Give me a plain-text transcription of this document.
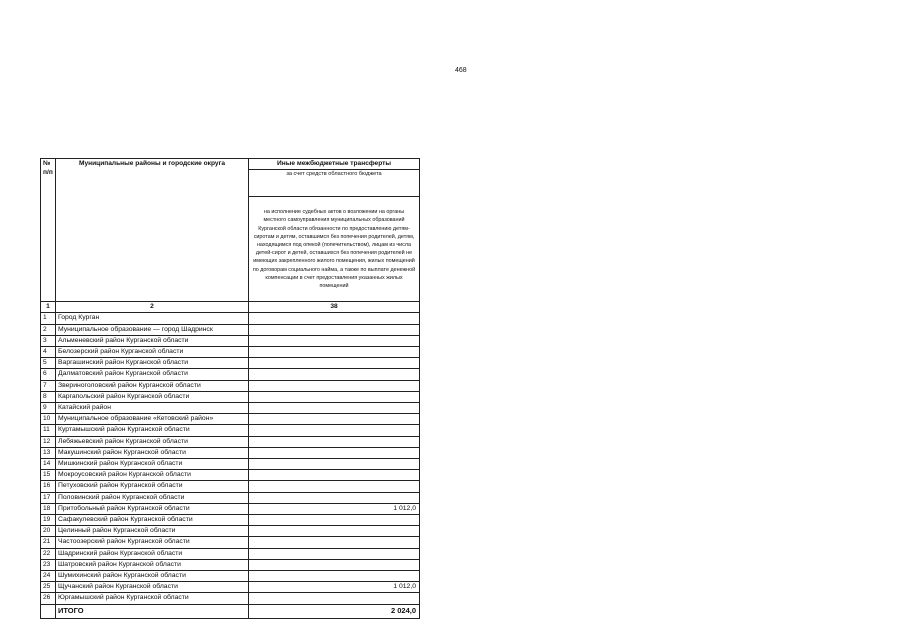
468
№ п/п	Муниципальные районы и городские округа	Иные межбюджетные трансферты
		за счет средств областного бюджета
		на исполнение судебных актов о возложении на органы местного самоуправления муниципальных образований Курганской области обязанности по предоставлению детям-сиротам и детям, оставшимся без попечения родителей, детям, находящимся под опекой (попечительством), лицам из числа детей-сирот и детей, оставшихся без попечения родителей не имеющих закрепленного жилого помещения, жилых помещений по договорам социального найма, а также по выплате денежной компенсации в счет предоставления указанных жилых помещений
1	2	38
1	Город Курган	
2	Муниципальное образование — город Шадринск	
3	Альменевский район Курганской области	
4	Белозерский район Курганской области	
5	Варгашинский район Курганской области	
6	Далматовский район Курганской области	
7	Звериноголовский район Курганской области	
8	Каргапольский район Курганской области	
9	Катайский район	
10	Муниципальное образование «Кетовский район»	
11	Куртамышский район Курганской области	
12	Лебяжьевский район Курганской области	
13	Макушинский район Курганской области	
14	Мишкинский район Курганской области	
15	Мокроусовский район Курганской области	
16	Петуховский район Курганской области	
17	Половинский район Курганской области	
18	Притобольный район Курганской области	1 012,0
19	Сафакулевский район Курганской области	
20	Целинный район Курганской области	
21	Частоозерский район Курганской области	
22	Шадринский район Курганской области	
23	Шатровский район Курганской области	
24	Шумихинский район Курганской области	
25	Щучанский район Курганской области	1 012,0
26	Юргамышский район Курганской области	
	ИТОГО	2 024,0
